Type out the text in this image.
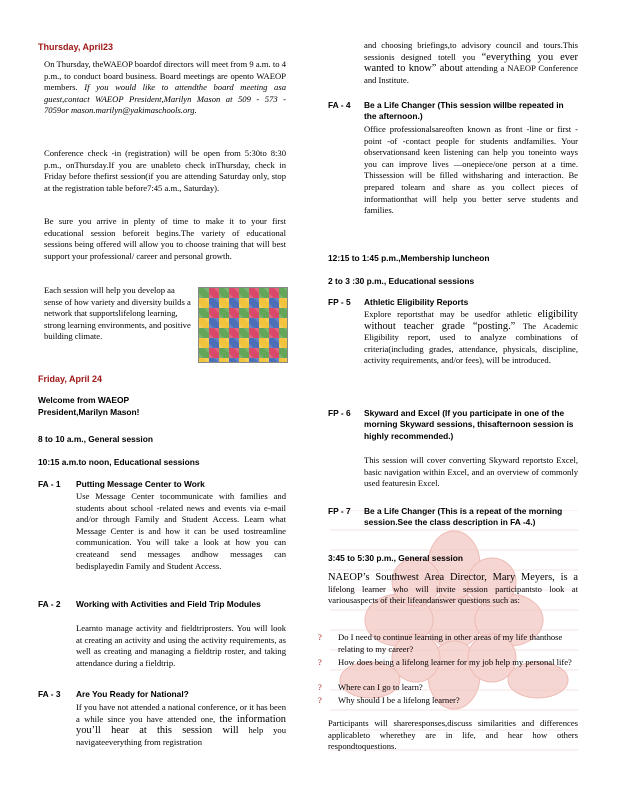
Thursday, April23

On Thursday, theWAEOP boardof directors will meet from 9 a.m. to 4 p.m., to conduct board business. Board meetings are opento WAEOP members. If you would like to attendthe board meeting asa guest,contact WAEOP President,Marilyn Mason at 509 - 573 - 7059or mason.marilyn@yakimaschools.org.

Conference check -in (registration) will be open from 5:30to 8:30 p.m., onThursday.If you are unableto check inThursday, check in Friday before thefirst session(if you are attending Saturday only, stop at the registration table before7:45 a.m., Saturday).

Be sure you arrive in plenty of time to make it to your first educational session beforeit begins.The variety of educational sessions being offered will allow you to choose training that will best support your professional/ career and personal growth.

Each session will help you develop aa sense of how variety and diversity builds a network that supportslifelong learning, strong learning environments, and positive building climate.

Friday, April 24
Welcome from WAEOP
President,Marilyn Mason!
8 to 10 a.m., General session
10:15 a.m.to noon, Educational sessions
FA - 1 Putting Message Center to Work

Use Message Center tocommunicate with families and students about school -related news and events via e-mail and/or through Family and Student Access. Learn what Message Center is and how it can be used tostreamline communication. You will take a look at how you can createand send messages andhow messages can bedisplayedin Family and Student Access.

FA - 2 Working with Activities and Field Trip Modules

Learnto manage activity and fieldtriprosters. You will look at creating an activity and using the activity requirements, as well as creating and managing a fieldtrip roster, and taking attendance during a fieldtrip.

FA - 3 Are You Ready for National?

If you have not attended a national conference, or it has been a while since you have attended one, the information you’ll hear at this session will help you navigateeverything from registration

and choosing briefings,to advisory council and tours.This sessionis designed totell you “everything you ever wanted to know” about attending a NAEOP Conference and Institute.

FA - 4 Be a Life Changer (This session willbe repeated in the afternoon.)

Office professionalsareoften known as front -line or first -point -of -contact people for students andfamilies. Your observationsand keen listening can help you toneinto ways you can improve lives —onepiece/one person at a time. Thissession will be filled withsharing and interaction. Be prepared tolearn and share as you collect pieces of informationthat will help you better serve students and families.

12:15 to 1:45 p.m.,Membership luncheon
2 to 3 :30 p.m., Educational sessions
FP - 5 Athletic Eligibility Reports

Explore reportsthat may be usedfor athletic eligibility without teacher grade “posting.” The Academic Eligibility report, used to analyze combinations of criteria(including grades, attendance, physicals, discipline, activity requirements, and/or fees), will be introduced.

FP - 6 Skyward and Excel (If you participate in one of the morning Skyward sessions, thisafternoon session is highly recommended.)

This session will cover converting Skyward reportsto Excel, basic navigation within Excel, and an overview of commonly used featuresin Excel.

FP - 7 Be a Life Changer (This is a repeat of the morning session.See the class description in FA -4.)
3:45 to 5:30 p.m., General session

NAEOP’s Southwest Area Director, Mary Meyers, is a lifelong learner who will invite session participantsto look at variousaspects of their lifeandanswer questions such as:

? Do I need to continue learning in other areas of my life thanthose relating to my career?
? How does being a lifelong learner for my job help my personal life?
? Where can I go to learn?
? Why should I be a lifelong learner?

Participants will shareresponses,discuss similarities and differences applicableto wherethey are in life, and hear how others respondtoquestions.
